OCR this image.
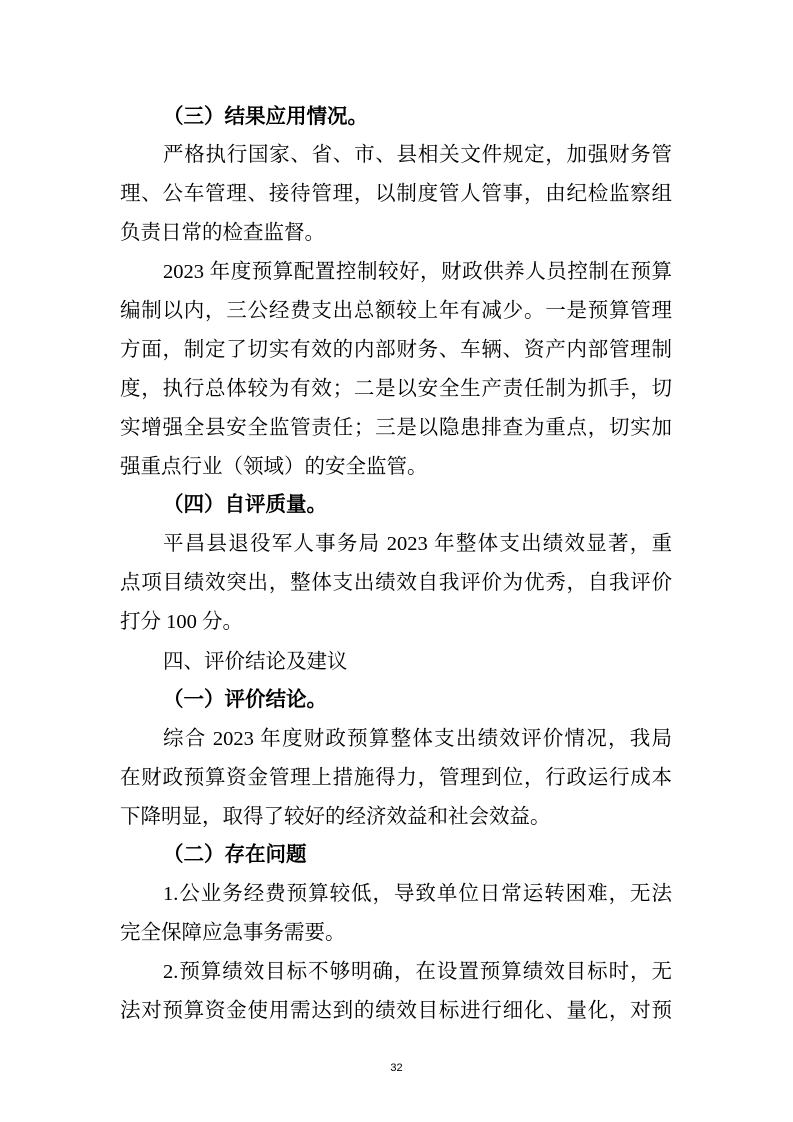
（三）结果应用情况。
严格执行国家、省、市、县相关文件规定，加强财务管
理、公车管理、接待管理，以制度管人管事，由纪检监察组
负责日常的检查监督。
2023 年度预算配置控制较好，财政供养人员控制在预算
编制以内，三公经费支出总额较上年有减少。一是预算管理
方面，制定了切实有效的内部财务、车辆、资产内部管理制
度，执行总体较为有效；二是以安全生产责任制为抓手，切
实增强全县安全监管责任；三是以隐患排查为重点，切实加
强重点行业（领域）的安全监管。
（四）自评质量。
平昌县退役军人事务局 2023 年整体支出绩效显著，重
点项目绩效突出，整体支出绩效自我评价为优秀，自我评价
打分 100 分。
四、评价结论及建议
（一）评价结论。
综合 2023 年度财政预算整体支出绩效评价情况，我局
在财政预算资金管理上措施得力，管理到位，行政运行成本
下降明显，取得了较好的经济效益和社会效益。
（二）存在问题
1.公业务经费预算较低，导致单位日常运转困难，无法
完全保障应急事务需要。
2.预算绩效目标不够明确，在设置预算绩效目标时，无
法对预算资金使用需达到的绩效目标进行细化、量化，对预
32
